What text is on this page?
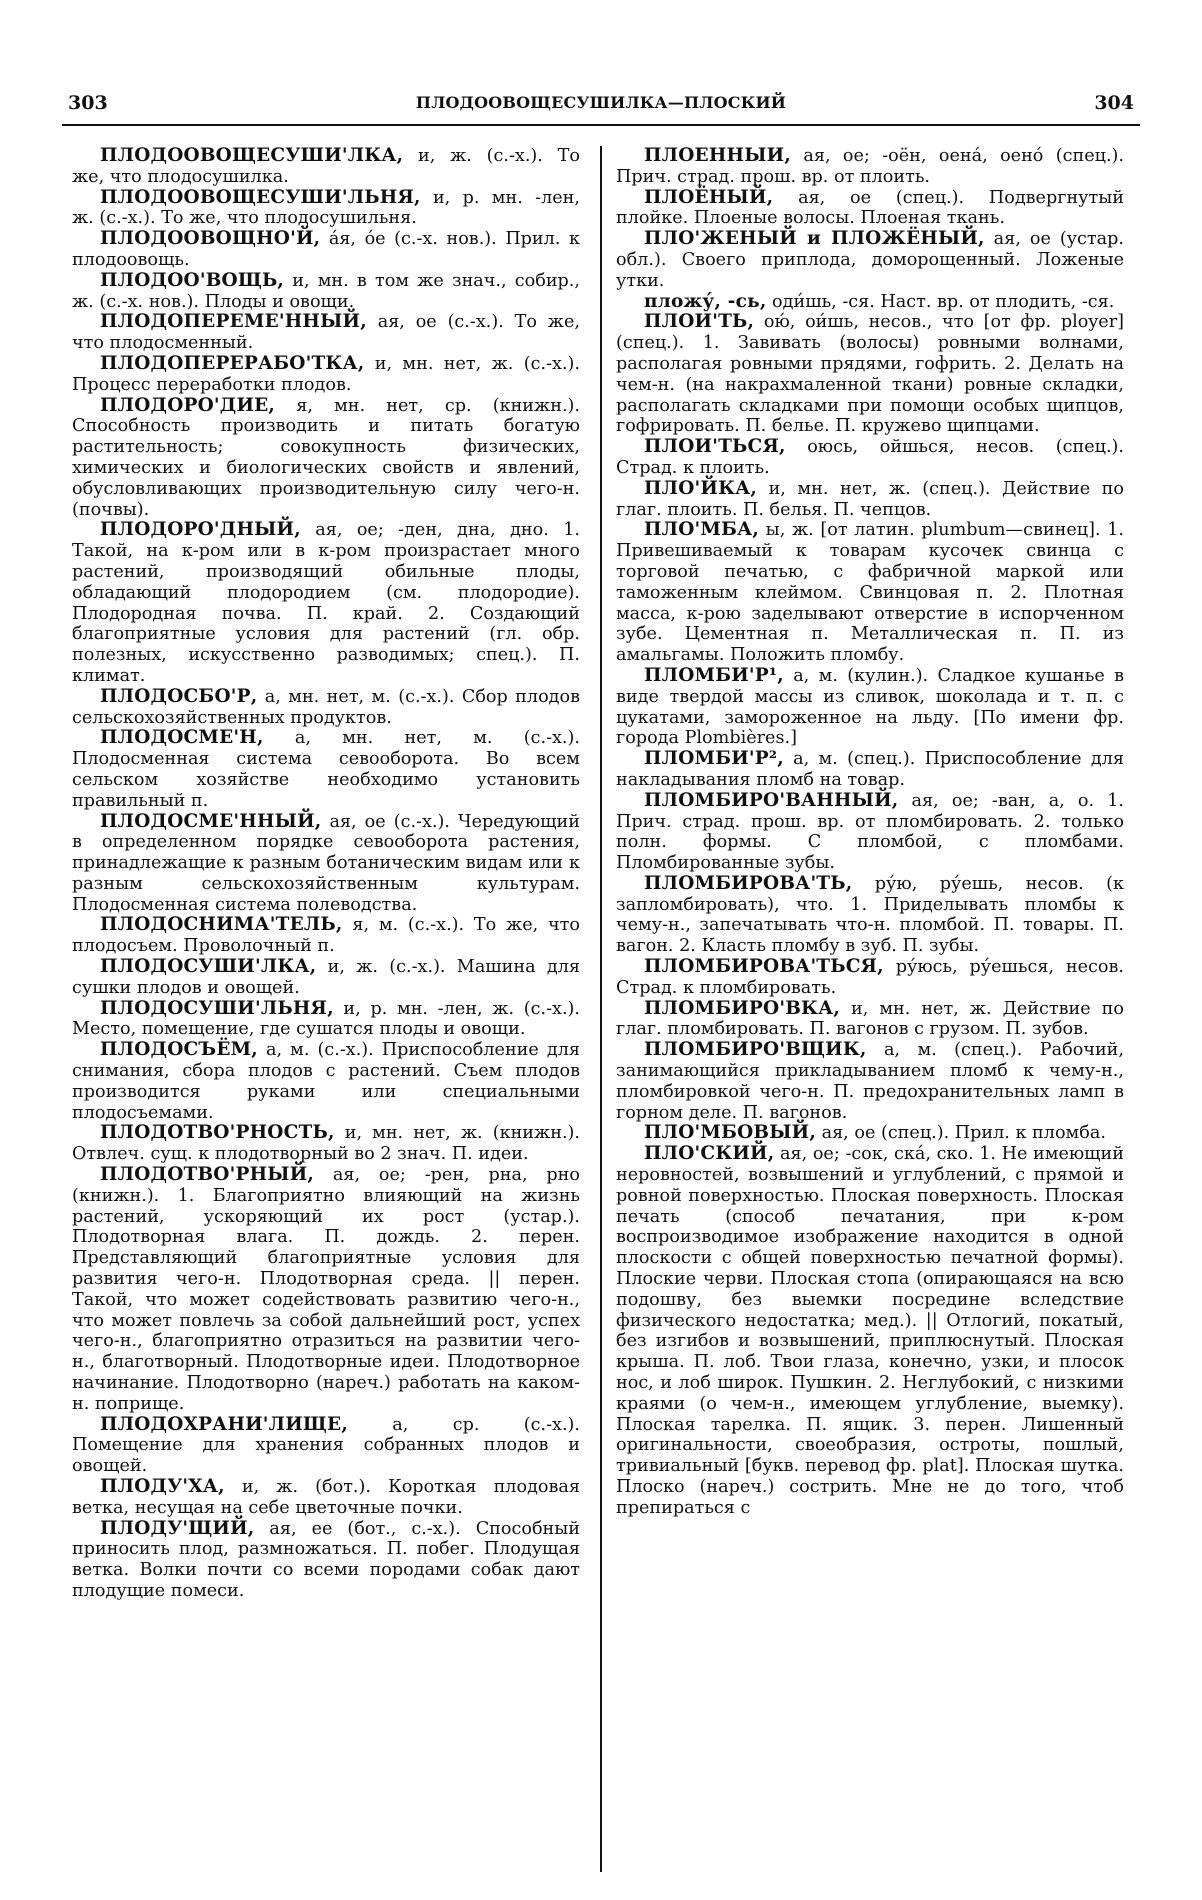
303	ПЛОДООВОЩЕСУШИЛКА—ПЛОСКИЙ	304

ПЛОДООВОЩЕСУШИ'ЛКА, и, ж. (с.-х.). То же, что плодосушилка.

ПЛОДООВОЩЕСУШИ'ЛЬНЯ, и, р. мн. -лен, ж. (с.-х.). То же, что плодосушильня.

ПЛОДООВОЩНО'Й, а́я, о́е (с.-х. нов.). Прил. к плодоовощь.

ПЛОДОО'ВОЩЬ, и, мн. в том же знач., собир., ж. (с.-х. нов.). Плоды и овощи.

ПЛОДОПЕРЕМЕ'ННЫЙ, ая, ое (с.-х.). То же, что плодосменный.

ПЛОДОПЕРЕРАБО'ТКА, и, мн. нет, ж. (с.-х.). Процесс переработки плодов.

ПЛОДОРО'ДИЕ, я, мн. нет, ср. (книжн.). Способность производить и питать богатую растительность; совокупность физических, химических и биологических свойств и явлений, обусловливающих производительную силу чего-н. (почвы).

ПЛОДОРО'ДНЫЙ, ая, ое; -ден, дна, дно. 1. Такой, на к-ром или в к-ром произрастает много растений, производящий обильные плоды, обладающий плодородием (см. плодородие). Плодородная почва. П. край. 2. Создающий благоприятные условия для растений (гл. обр. полезных, искусственно разводимых; спец.). П. климат.

ПЛОДОСБО'Р, а, мн. нет, м. (с.-х.). Сбор плодов сельскохозяйственных продуктов.

ПЛОДОСМЕ'Н, а, мн. нет, м. (с.-х.). Плодосменная система севооборота. Во всем сельском хозяйстве необходимо установить правильный п.

ПЛОДОСМЕ'ННЫЙ, ая, ое (с.-х.). Чередующий в определенном порядке севооборота растения, принадлежащие к разным ботаническим видам или к разным сельскохозяйственным культурам. Плодосменная система полеводства.

ПЛОДОСНИМА'ТЕЛЬ, я, м. (с.-х.). То же, что плодосъем. Проволочный п.

ПЛОДОСУШИ'ЛКА, и, ж. (с.-х.). Машина для сушки плодов и овощей.

ПЛОДОСУШИ'ЛЬНЯ, и, р. мн. -лен, ж. (с.-х.). Место, помещение, где сушатся плоды и овощи.

ПЛОДОСЪЁМ, а, м. (с.-х.). Приспособление для снимания, сбора плодов с растений. Съем плодов производится руками или специальными плодосъемами.

ПЛОДОТВО'РНОСТЬ, и, мн. нет, ж. (книжн.). Отвлеч. сущ. к плодотворный во 2 знач. П. идеи.

ПЛОДОТВО'РНЫЙ, ая, ое; -рен, рна, рно (книжн.). 1. Благоприятно влияющий на жизнь растений, ускоряющий их рост (устар.). Плодотворная влага. П. дождь. 2. перен. Представляющий благоприятные условия для развития чего-н. Плодотворная среда. || перен. Такой, что может содействовать развитию чего-н., что может повлечь за собой дальнейший рост, успех чего-н., благоприятно отразиться на развитии чего-н., благотворный. Плодотворные идеи. Плодотворное начинание. Плодотворно (нареч.) работать на каком-н. поприще.

ПЛОДОХРАНИ'ЛИЩЕ, а, ср. (с.-х.). Помещение для хранения собранных плодов и овощей.

ПЛОДУ'ХА, и, ж. (бот.). Короткая плодовая ветка, несущая на себе цветочные почки.

ПЛОДУ'ЩИЙ, ая, ее (бот., с.-х.). Способный приносить плод, размножаться. П. побег. Плодущая ветка. Волки почти со всеми породами собак дают плодущие помеси.

ПЛОЁННЫЙ, ая, ое; -оён, оена́, оено́ (спец.). Прич. страд. прош. вр. от плоить.

ПЛОЁНЫЙ, ая, ое (спец.). Подвергнутый плойке. Плоеные волосы. Плоеная ткань.

ПЛО'ЖЕНЫЙ и ПЛОЖЁНЫЙ, ая, ое (устар. обл.). Своего приплода, доморощенный. Ложеные утки.

пложу́, -сь, оди́шь, -ся. Наст. вр. от плодить, -ся.

ПЛОИ'ТЬ, ою́, ои́шь, несов., что [от фр. ployer] (спец.). 1. Завивать (волосы) ровными волнами, располагая ровными прядями, гофрить. 2. Делать на чем-н. (на накрахмаленной ткани) ровные складки, располагать складками при помощи особых щипцов, гофрировать. П. белье. П. кружево щипцами.

ПЛОИ'ТЬСЯ, оюсь, ойшься, несов. (спец.). Страд. к плоить.

ПЛО'ЙКА, и, мн. нет, ж. (спец.). Действие по глаг. плоить. П. белья. П. чепцов.

ПЛО'МБА, ы, ж. [от латин. plumbum—свинец]. 1. Привешиваемый к товарам кусочек свинца с торговой печатью, с фабричной маркой или таможенным клеймом. Свинцовая п. 2. Плотная масса, к-рою заделывают отверстие в испорченном зубе. Цементная п. Металлическая п. П. из амальгамы. Положить пломбу.

ПЛОМБИ'Р¹, а, м. (кулин.). Сладкое кушанье в виде твердой массы из сливок, шоколада и т. п. с цукатами, замороженное на льду. [По имени фр. города Plombières.]

ПЛОМБИ'Р², а, м. (спец.). Приспособление для накладывания пломб на товар.

ПЛОМБИРО'ВАННЫЙ, ая, ое; -ван, а, о. 1. Прич. страд. прош. вр. от пломбировать. 2. только полн. формы. С пломбой, с пломбами. Пломбированные зубы.

ПЛОМБИРОВА'ТЬ, ру́ю, ру́ешь, несов. (к запломбировать), что. 1. Приделывать пломбы к чему-н., запечатывать что-н. пломбой. П. товары. П. вагон. 2. Класть пломбу в зуб. П. зубы.

ПЛОМБИРОВА'ТЬСЯ, ру́юсь, ру́ешься, несов. Страд. к пломбировать.

ПЛОМБИРО'ВКА, и, мн. нет, ж. Действие по глаг. пломбировать. П. вагонов с грузом. П. зубов.

ПЛОМБИРО'ВЩИК, а, м. (спец.). Рабочий, занимающийся прикладыванием пломб к чему-н., пломбировкой чего-н. П. предохранительных ламп в горном деле. П. вагонов.

ПЛО'МБОВЫЙ, ая, ое (спец.). Прил. к пломба.

ПЛО'СКИЙ, ая, ое; -сок, ска́, ско. 1. Не имеющий неровностей, возвышений и углублений, с прямой и ровной поверхностью. Плоская поверхность. Плоская печать (способ печатания, при к-ром воспроизводимое изображение находится в одной плоскости с общей поверхностью печатной формы). Плоские черви. Плоская стопа (опирающаяся на всю подошву, без выемки посредине вследствие физического недостатка; мед.). || Отлогий, покатый, без изгибов и возвышений, приплюснутый. Плоская крыша. П. лоб. Твои глаза, конечно, узки, и плосок нос, и лоб широк. Пушкин. 2. Неглубокий, с низкими краями (о чем-н., имеющем углубление, выемку). Плоская тарелка. П. ящик. 3. перен. Лишенный оригинальности, своеобразия, остроты, пошлый, тривиальный [букв. перевод фр. plat]. Плоская шутка. Плоско (нареч.) сострить. Мне не до того, чтоб препираться с
